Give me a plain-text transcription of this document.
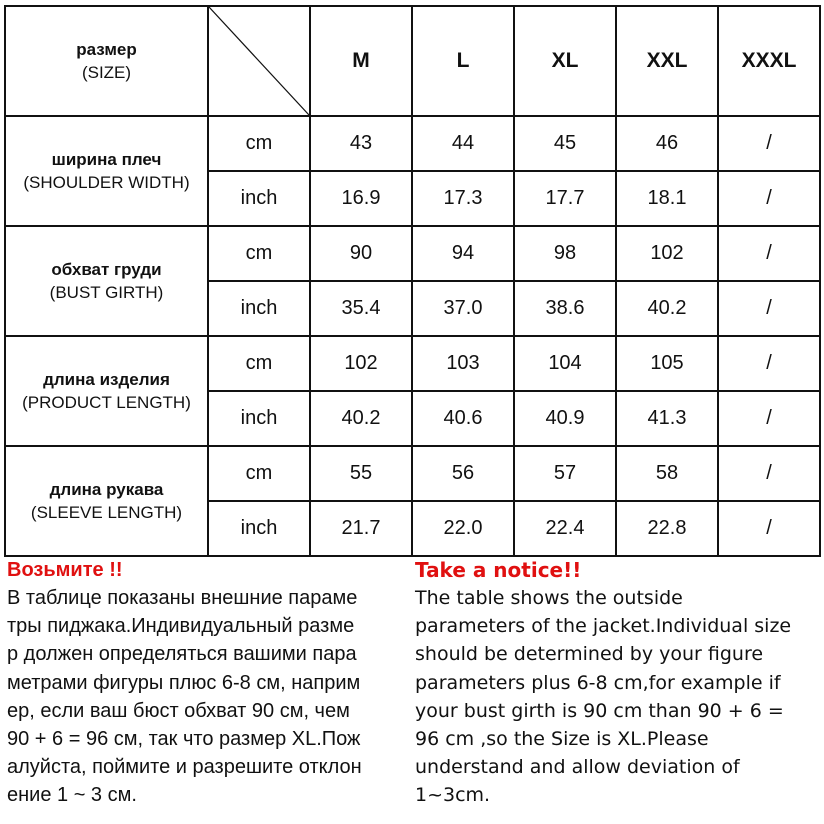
размер
(SIZE)		M	L	XL	XXL	XXXL

ширина плеч
(SHOULDER WIDTH)	cm	43	44	45	46	/
	inch	16.9	17.3	17.7	18.1	/

обхват груди
(BUST GIRTH)	cm	90	94	98	102	/
	inch	35.4	37.0	38.6	40.2	/

длина изделия
(PRODUCT LENGTH)	cm	102	103	104	105	/
	inch	40.2	40.6	40.9	41.3	/

длина рукава
(SLEEVE LENGTH)	cm	55	56	57	58	/
	inch	21.7	22.0	22.4	22.8	/
Возьмите !!
В таблице показаны внешние параме
тры пиджака.Индивидуальный разме
р должен определяться вашими пара
метрами фигуры плюс 6-8 см, наприм
ер, если ваш бюст обхват 90 см, чем
90 + 6 = 96 см, так что размер XL.Пож
алуйста, поймите и разрешите отклон
ение 1 ~ 3 см.
Take a notice!!
The table shows the outside
parameters of the jacket.Individual size
should be determined by your figure
parameters plus 6-8 cm,for example if
your bust girth is 90 cm than 90 + 6 =
96 cm ,so the Size is XL.Please
understand and allow deviation of
1~3cm.
